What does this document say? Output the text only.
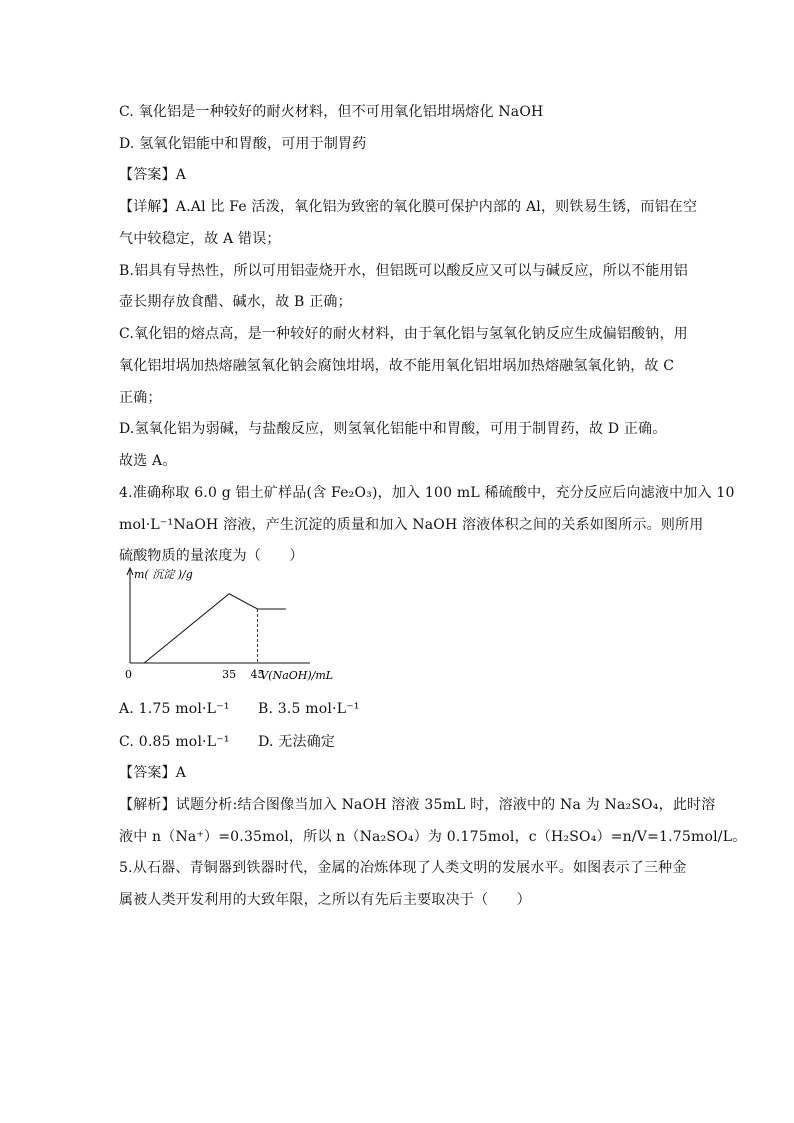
C. 氧化铝是一种较好的耐火材料，但不可用氧化铝坩埚熔化 NaOH
D. 氢氧化铝能中和胃酸，可用于制胃药
【答案】A
【详解】A.Al 比 Fe 活泼，氧化铝为致密的氧化膜可保护内部的 Al，则铁易生锈，而铝在空
气中较稳定，故 A 错误；
B.铝具有导热性，所以可用铝壶烧开水，但铝既可以酸反应又可以与碱反应，所以不能用铝
壶长期存放食醋、碱水，故 B 正确；
C.氧化铝的熔点高，是一种较好的耐火材料，由于氧化铝与氢氧化钠反应生成偏铝酸钠，用
氧化铝坩埚加热熔融氢氧化钠会腐蚀坩埚，故不能用氧化铝坩埚加热熔融氢氧化钠，故 C
正确；
D.氢氧化铝为弱碱，与盐酸反应，则氢氧化铝能中和胃酸，可用于制胃药，故 D 正确。
故选 A。
4.准确称取 6.0 g 铝土矿样品(含 Fe₂O₃)，加入 100 mL 稀硫酸中，充分反应后向滤液中加入 10
mol·L⁻¹NaOH 溶液，产生沉淀的质量和加入 NaOH 溶液体积之间的关系如图所示。则所用
硫酸物质的量浓度为（　　）
A. 1.75 mol·L⁻¹　　B. 3.5 mol·L⁻¹
C. 0.85 mol·L⁻¹　　D. 无法确定
【答案】A
【解析】试题分析:结合图像当加入 NaOH 溶液 35mL 时，溶液中的 Na 为 Na₂SO₄，此时溶
液中 n（Na⁺）=0.35mol，所以 n（Na₂SO₄）为 0.175mol，c（H₂SO₄）=n/V=1.75mol/L。
5.从石器、青铜器到铁器时代，金属的冶炼体现了人类文明的发展水平。如图表示了三种金
属被人类开发利用的大致年限，之所以有先后主要取决于（　　）
m( 沉淀 )/g
V(NaOH)/mL
0	35 45
